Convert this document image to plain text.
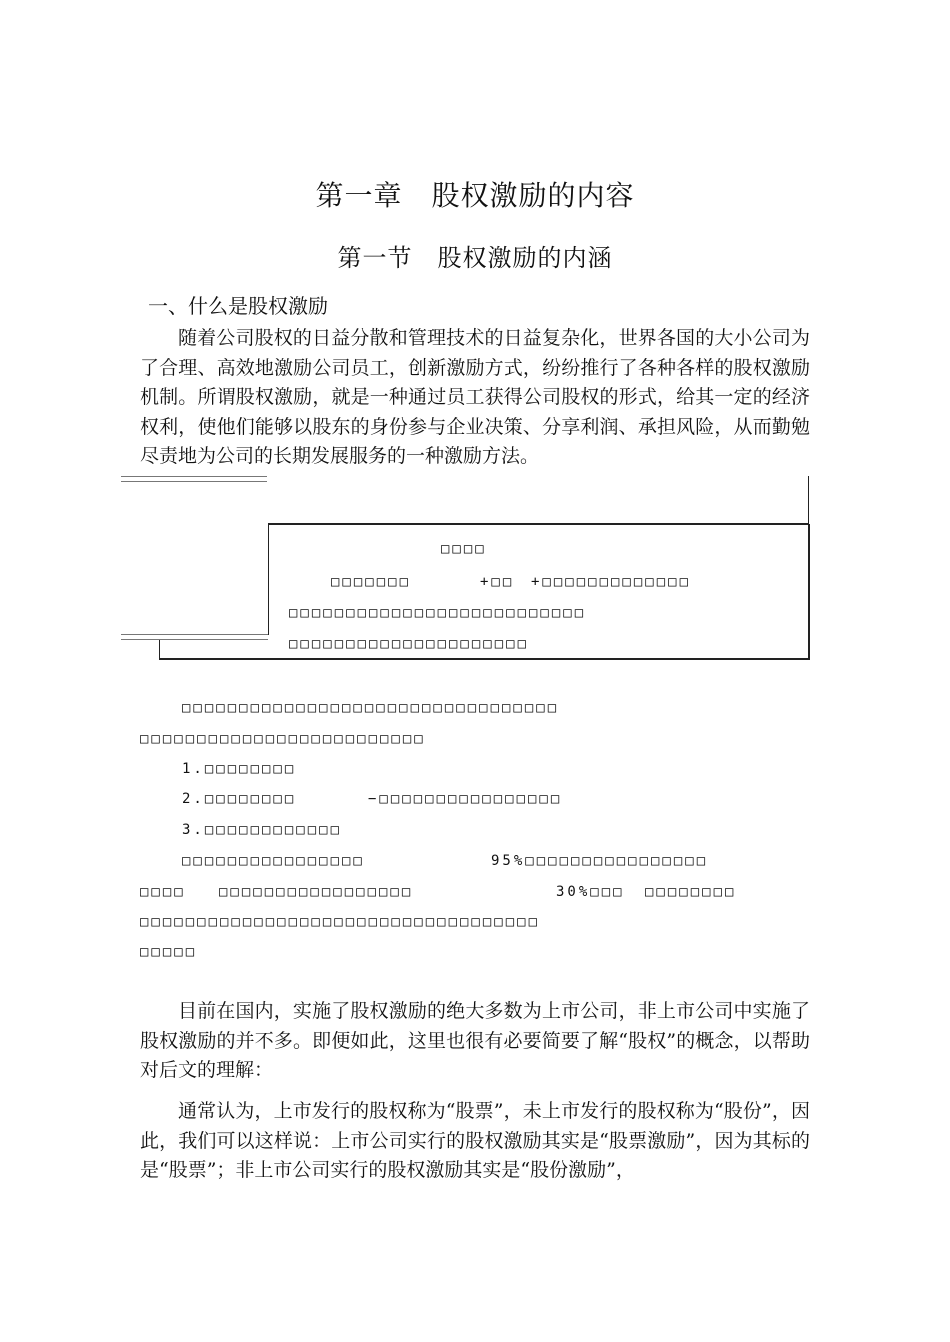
第一章　股权激励的内容
第一节　股权激励的内涵
一、什么是股权激励
随着公司股权的日益分散和管理技术的日益复杂化，世界各国的大小公司为了合理、高效地激励公司员工，创新激励方式，纷纷推行了各种各样的股权激励机制。所谓股权激励，就是一种通过员工获得公司股权的形式，给其一定的经济权利，使他们能够以股东的身份参与企业决策、分享利润、承担风险，从而勤勉尽责地为公司的长期发展服务的一种激励方法。
□□□□
□□□□□□□	+□□ +□□□□□□□□□□□□□
□□□□□□□□□□□□□□□□□□□□□□□□□□
□□□□□□□□□□□□□□□□□□□□□
□□□□□□□□□□□□□□□□□□□□□□□□□□□□□□□□□
□□□□□□□□□□□□□□□□□□□□□□□□□
1.□□□□□□□□
2.□□□□□□□□	−□□□□□□□□□□□□□□□□
3.□□□□□□□□□□□□
□□□□□□□□□□□□□□□□	95%□□□□□□□□□□□□□□□□
□□□□ □□□□□□□□□□□□□□□□□	30%□□□ □□□□□□□□
□□□□□□□□□□□□□□□□□□□□□□□□□□□□□□□□□□□
□□□□□
目前在国内，实施了股权激励的绝大多数为上市公司，非上市公司中实施了股权激励的并不多。即便如此，这里也很有必要简要了解“股权”的概念，以帮助对后文的理解：
通常认为，上市发行的股权称为“股票”，未上市发行的股权称为“股份”，因此，我们可以这样说：上市公司实行的股权激励其实是“股票激励”，因为其标的是“股票”；非上市公司实行的股权激励其实是“股份激励”，
